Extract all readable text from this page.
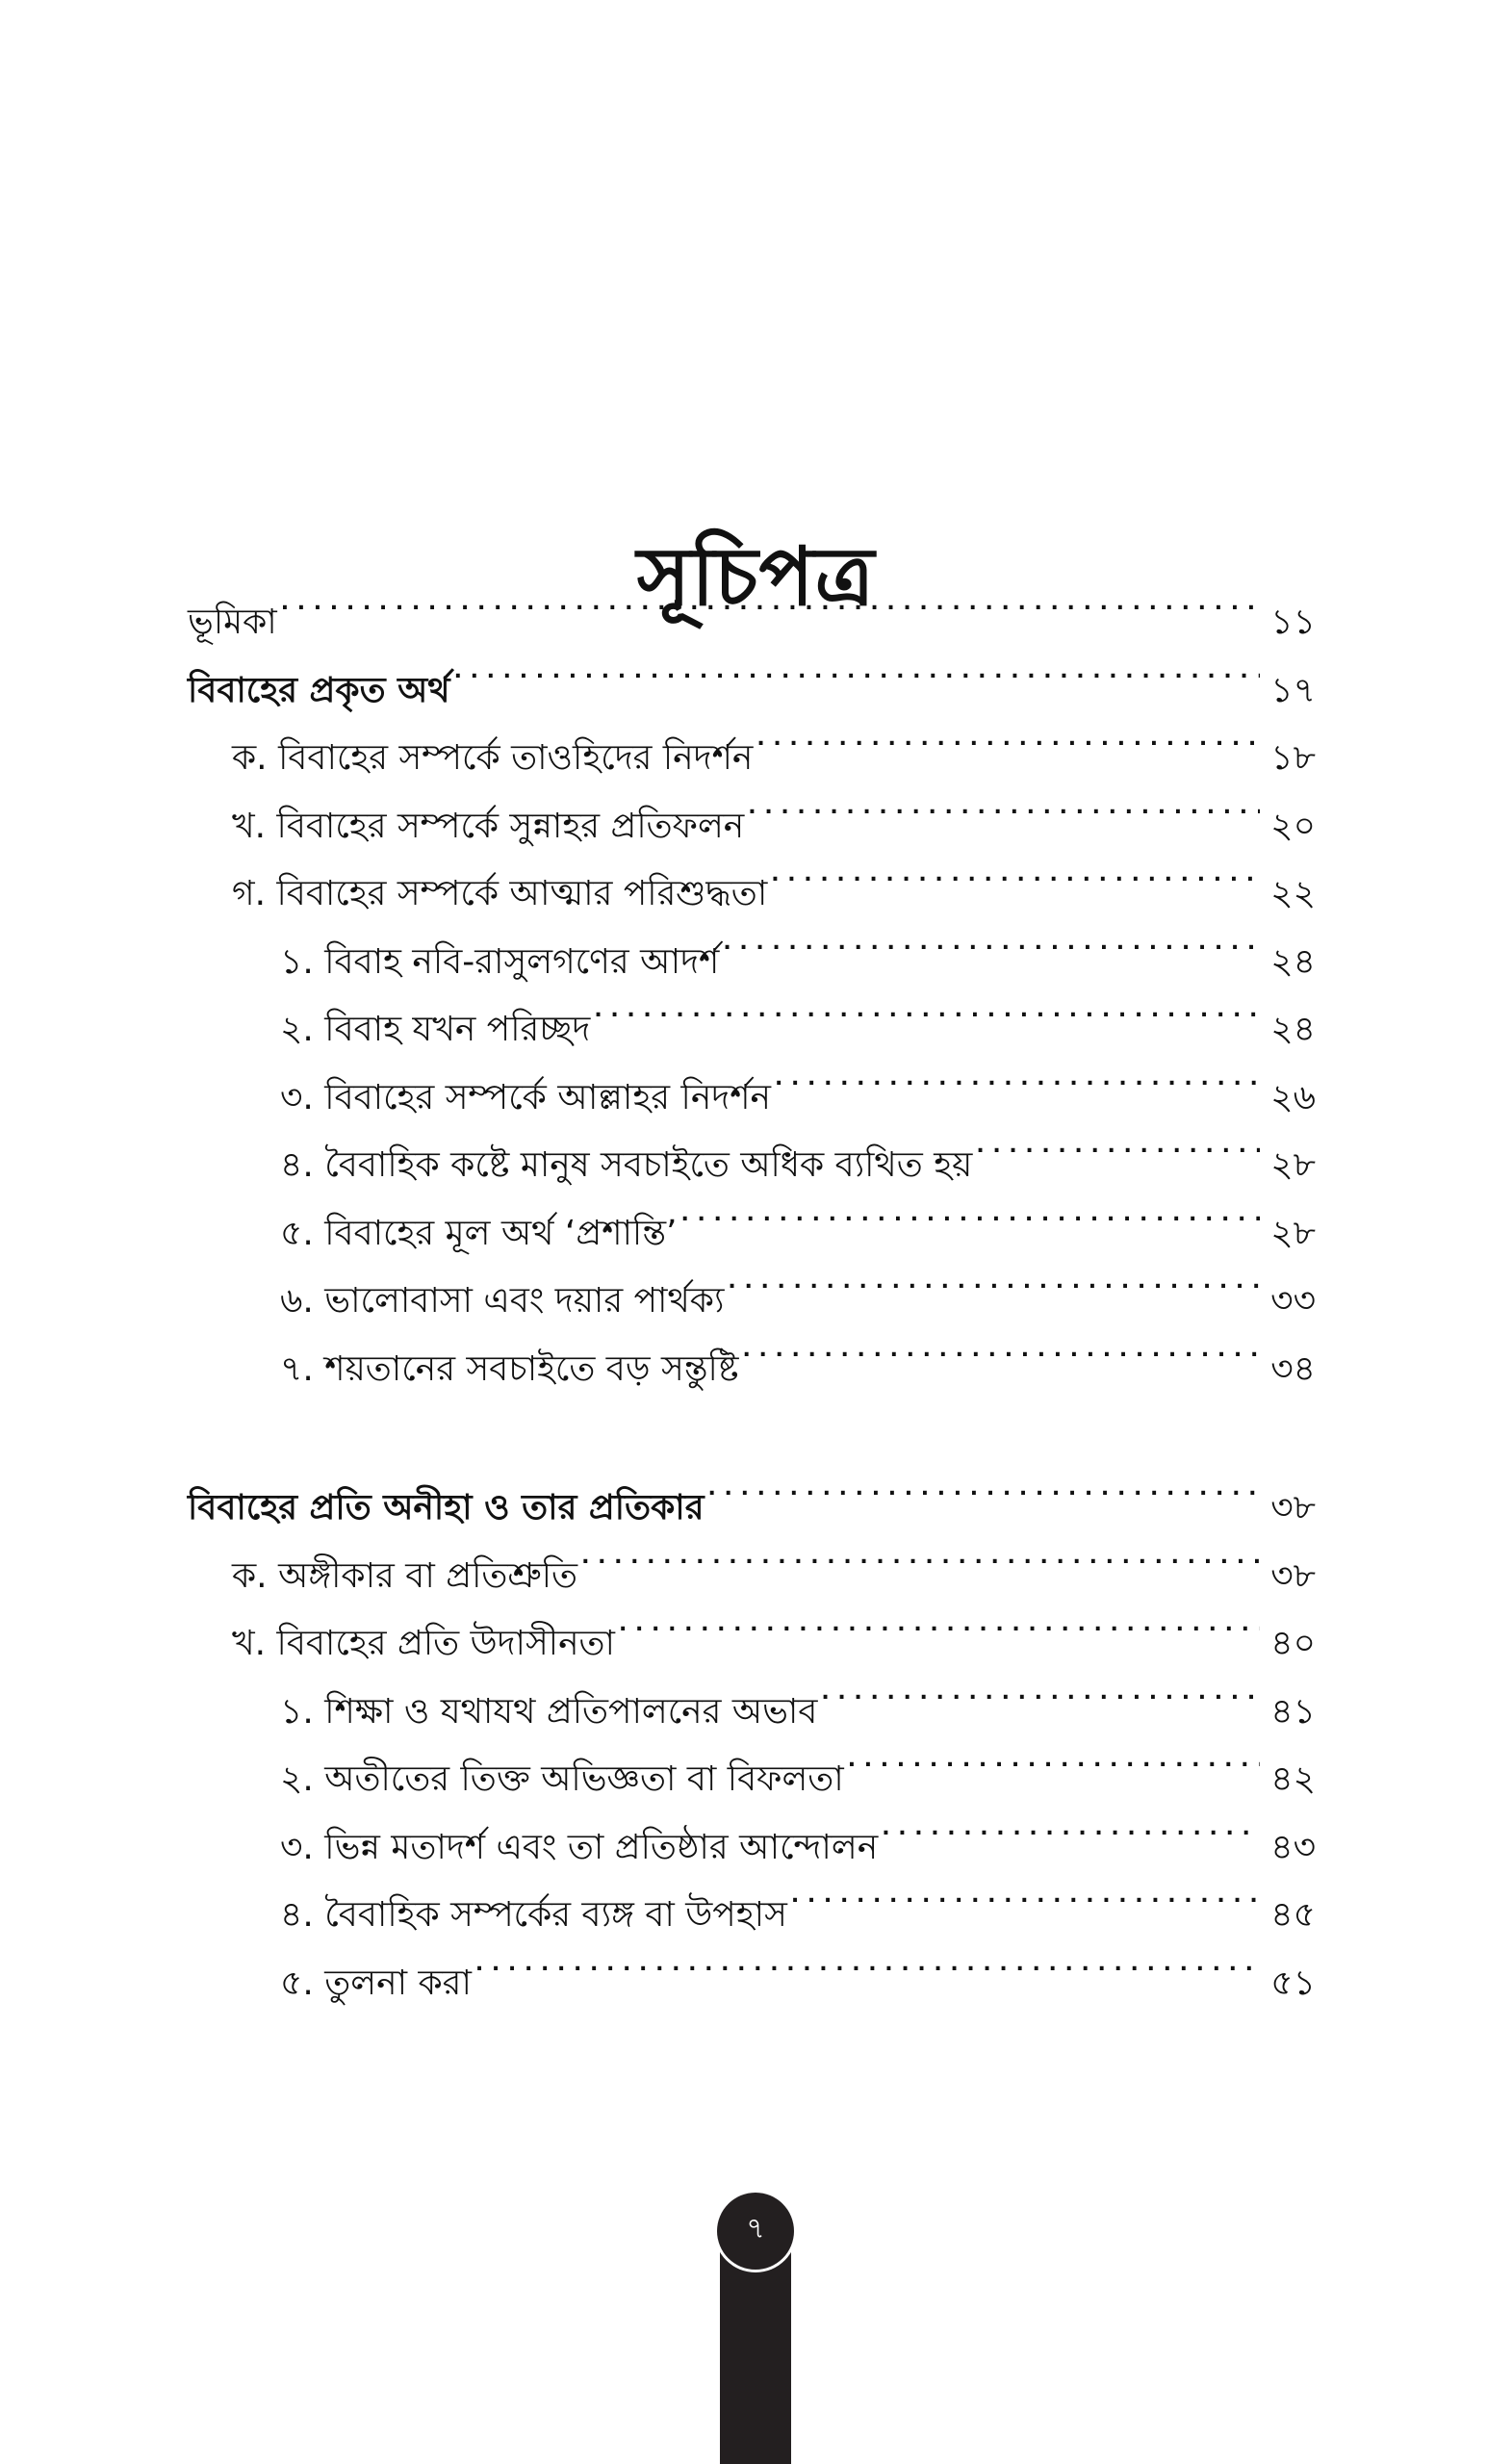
সূচিপত্র
ভূমিকা . . .	১১
বিবাহের প্রকৃত অর্থ . . .	১৭
ক. বিবাহের সম্পর্কে তাওহিদের নিদর্শন . . .	১৮
খ. বিবাহের সম্পর্কে সুন্নাহর প্রতিফলন . . .	২০
গ. বিবাহের সম্পর্কে আত্মার পরিশুদ্ধতা . . .	২২
১. বিবাহ নবি-রাসুলগণের আদর্শ . . .	২৪
২. বিবাহ যখন পরিচ্ছদ . . .	২৪
৩. বিবাহের সম্পর্কে আল্লাহর নিদর্শন . . .	২৬
৪. বৈবাহিক কষ্টে মানুষ সবচাইতে অধিক ব্যথিত হয় . . .	২৮
৫. বিবাহের মূল অর্থ ‘প্রশান্তি’ . . .	২৮
৬. ভালোবাসা এবং দয়ার পার্থক্য . . .	৩৩
৭. শয়তানের সবচাইতে বড় সন্তুষ্টি . . .	৩৪
বিবাহের প্রতি অনীহা ও তার প্রতিকার . . .	৩৮
ক. অঙ্গীকার বা প্রতিশ্রুতি . . .	৩৮
খ. বিবাহের প্রতি উদাসীনতা . . .	৪০
১. শিক্ষা ও যথাযথ প্রতিপালনের অভাব . . .	৪১
২. অতীতের তিক্ত অভিজ্ঞতা বা বিফলতা . . .	৪২
৩. ভিন্ন মতাদর্শ এবং তা প্রতিষ্ঠার আন্দোলন . . .	৪৩
৪. বৈবাহিক সম্পর্কের ব্যঙ্গ বা উপহাস . . .	৪৫
৫. তুলনা করা . . .	৫১
৭
